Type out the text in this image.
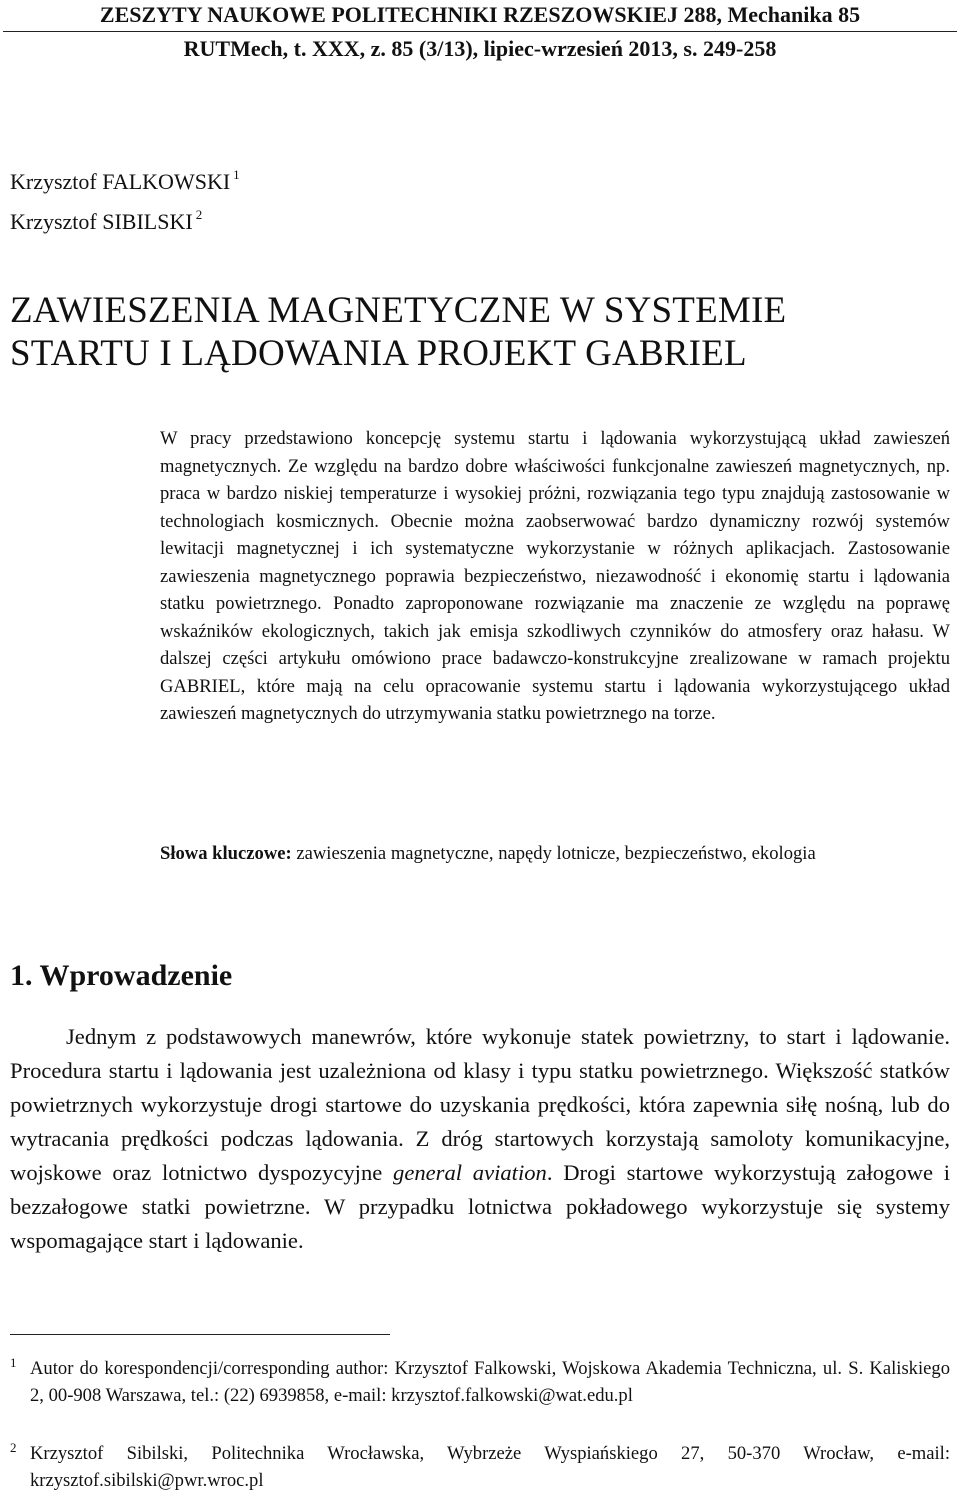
ZESZYTY NAUKOWE POLITECHNIKI RZESZOWSKIEJ 288, Mechanika 85
RUTMech, t. XXX, z. 85 (3/13), lipiec-wrzesień 2013, s. 249-258
Krzysztof FALKOWSKI $^1$
Krzysztof SIBILSKI $^2$
ZAWIESZENIA MAGNETYCZNE W SYSTEMIE
STARTU I LĄDOWANIA PROJEKT GABRIEL
W pracy przedstawiono koncepcję systemu startu i lądowania wykorzystującą układ zawieszeń magnetycznych. Ze względu na bardzo dobre właściwości funkcjonalne zawieszeń magnetycznych, np. praca w bardzo niskiej temperaturze i wysokiej próżni, rozwiązania tego typu znajdują zastosowanie w technologiach kosmicznych. Obecnie można zaobserwować bardzo dynamiczny rozwój systemów lewitacji magnetycznej i ich systematyczne wykorzystanie w różnych aplikacjach. Zastosowanie zawieszenia magnetycznego poprawia bezpieczeństwo, niezawodność i ekonomię startu i lądowania statku powietrznego. Ponadto zaproponowane rozwiązanie ma znaczenie ze względu na poprawę wskaźników ekologicznych, takich jak emisja szkodliwych czynników do atmosfery oraz hałasu. W dalszej części artykułu omówiono prace badawczo-konstrukcyjne zrealizowane w ramach projektu GABRIEL, które mają na celu opracowanie systemu startu i lądowania wykorzystującego układ zawieszeń magnetycznych do utrzymywania statku powietrznego na torze.
Słowa kluczowe: zawieszenia magnetyczne, napędy lotnicze, bezpieczeństwo, ekologia
1. Wprowadzenie
Jednym z podstawowych manewrów, które wykonuje statek powietrzny, to start i lądowanie. Procedura startu i lądowania jest uzależniona od klasy i typu statku powietrznego. Większość statków powietrznych wykorzystuje drogi startowe do uzyskania prędkości, która zapewnia siłę nośną, lub do wytracania prędkości podczas lądowania. Z dróg startowych korzystają samoloty komunikacyjne, wojskowe oraz lotnictwo dyspozycyjne general aviation. Drogi startowe wykorzystują załogowe i bezzałogowe statki powietrzne. W przypadku lotnictwa pokładowego wykorzystuje się systemy wspomagające start i lądowanie.
1 Autor do korespondencji/corresponding author: Krzysztof Falkowski, Wojskowa Akademia Techniczna, ul. S. Kaliskiego 2, 00-908 Warszawa, tel.: (22) 6939858, e-mail: krzysztof.falkowski@wat.edu.pl
2 Krzysztof Sibilski, Politechnika Wrocławska, Wybrzeże Wyspiańskiego 27, 50-370 Wrocław, e-mail: krzysztof.sibilski@pwr.wroc.pl
